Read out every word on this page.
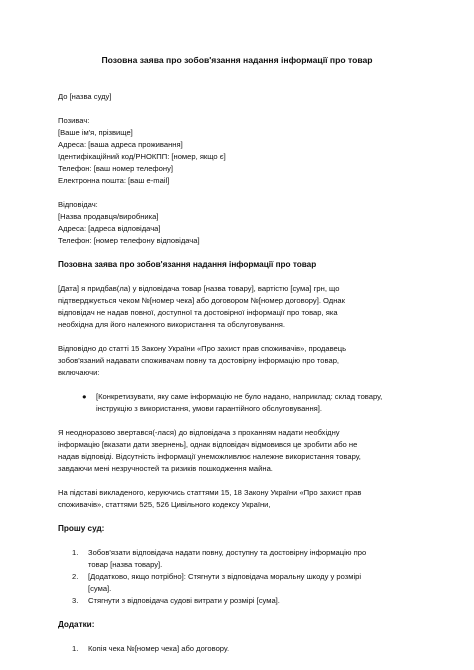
Позовна заява про зобов'язання надання інформації про товар

До [назва суду]

Позивач:

[Ваше ім'я, прізвище]

Адреса: [ваша адреса проживання]

Ідентифікаційний код/РНОКПП: [номер, якщо є]

Телефон: [ваш номер телефону]

Електронна пошта: [ваш e-mail]

Відповідач:

[Назва продавця/виробника]

Адреса: [адреса відповідача]

Телефон: [номер телефону відповідача]

Позовна заява про зобов'язання надання інформації про товар

[Дата] я придбав(ла) у відповідача товар [назва товару], вартістю [сума] грн, що

підтверджується чеком №[номер чека] або договором №[номер договору]. Однак

відповідач не надав повної, доступної та достовірної інформації про товар, яка

необхідна для його належного використання та обслуговування.

Відповідно до статті 15 Закону України «Про захист прав споживачів», продавець

зобов'язаний надавати споживачам повну та достовірну інформацію про товар,

включаючи:

● [Конкретизувати, яку саме інформацію не було надано, наприклад: склад товару,

інструкцію з використання, умови гарантійного обслуговування].

Я неодноразово звертався(-лася) до відповідача з проханням надати необхідну

інформацію [вказати дати звернень], однак відповідач відмовився це зробити або не

надав відповіді. Відсутність інформації унеможливлює належне використання товару,

завдаючи мені незручностей та ризиків пошкодження майна.

На підставі викладеного, керуючись статтями 15, 18 Закону України «Про захист прав

споживачів», статтями 525, 526 Цивільного кодексу України,

Прошу суд:
1. Зобов'язати відповідача надати повну, доступну та достовірну інформацію про

товар [назва товару].

2. [Додатково, якщо потрібно]: Стягнути з відповідача моральну шкоду у розмірі

[сума].

3. Стягнути з відповідача судові витрати у розмірі [сума].

Додатки:
1. Копія чека №[номер чека] або договору.
